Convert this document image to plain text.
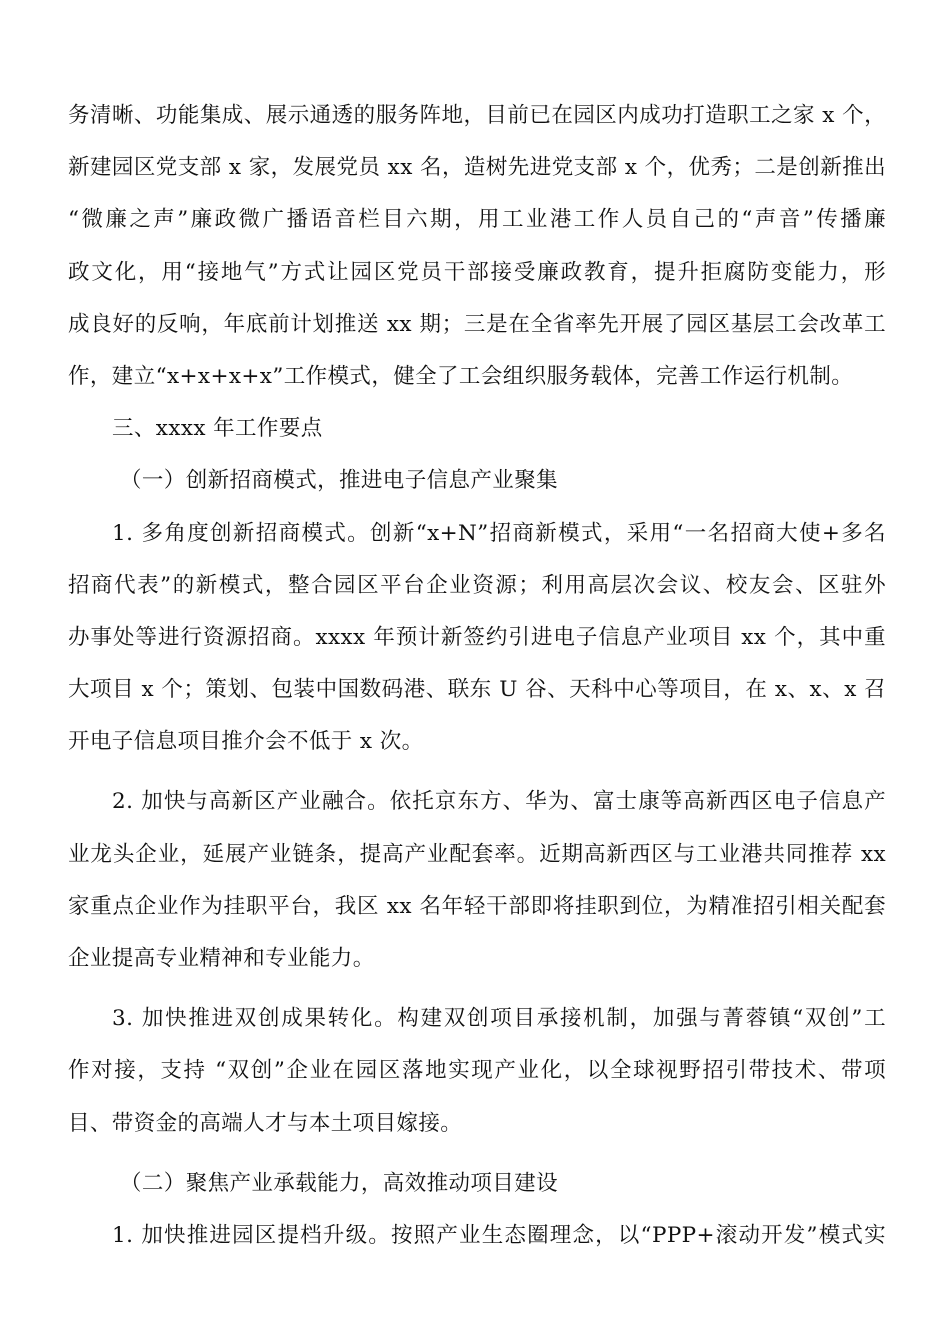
务清晰、功能集成、展示通透的服务阵地，目前已在园区内成功打造职工之家 x 个，
新建园区党支部 x 家，发展党员 xx 名，造树先进党支部 x 个，优秀；二是创新推出
“微廉之声”廉政微广播语音栏目六期，用工业港工作人员自己的“声音”传播廉
政文化，用“接地气”方式让园区党员干部接受廉政教育，提升拒腐防变能力，形
成良好的反响，年底前计划推送 xx 期；三是在全省率先开展了园区基层工会改革工
作，建立“x+x+x+x”工作模式，健全了工会组织服务载体，完善工作运行机制。
三、xxxx 年工作要点
（一）创新招商模式，推进电子信息产业聚集
1. 多角度创新招商模式。创新“x+N”招商新模式，采用“一名招商大使+多名
招商代表”的新模式，整合园区平台企业资源；利用高层次会议、校友会、区驻外
办事处等进行资源招商。xxxx 年预计新签约引进电子信息产业项目 xx 个，其中重
大项目 x 个；策划、包装中国数码港、联东 U 谷、天科中心等项目，在 x、x、x 召
开电子信息项目推介会不低于 x 次。
2. 加快与高新区产业融合。依托京东方、华为、富士康等高新西区电子信息产
业龙头企业，延展产业链条，提高产业配套率。近期高新西区与工业港共同推荐 xx
家重点企业作为挂职平台，我区 xx 名年轻干部即将挂职到位，为精准招引相关配套
企业提高专业精神和专业能力。
3. 加快推进双创成果转化。构建双创项目承接机制，加强与菁蓉镇“双创”工
作对接，支持 “双创”企业在园区落地实现产业化，以全球视野招引带技术、带项
目、带资金的高端人才与本土项目嫁接。
（二）聚焦产业承载能力，高效推动项目建设
1. 加快推进园区提档升级。按照产业生态圈理念，以“PPP+滚动开发”模式实
